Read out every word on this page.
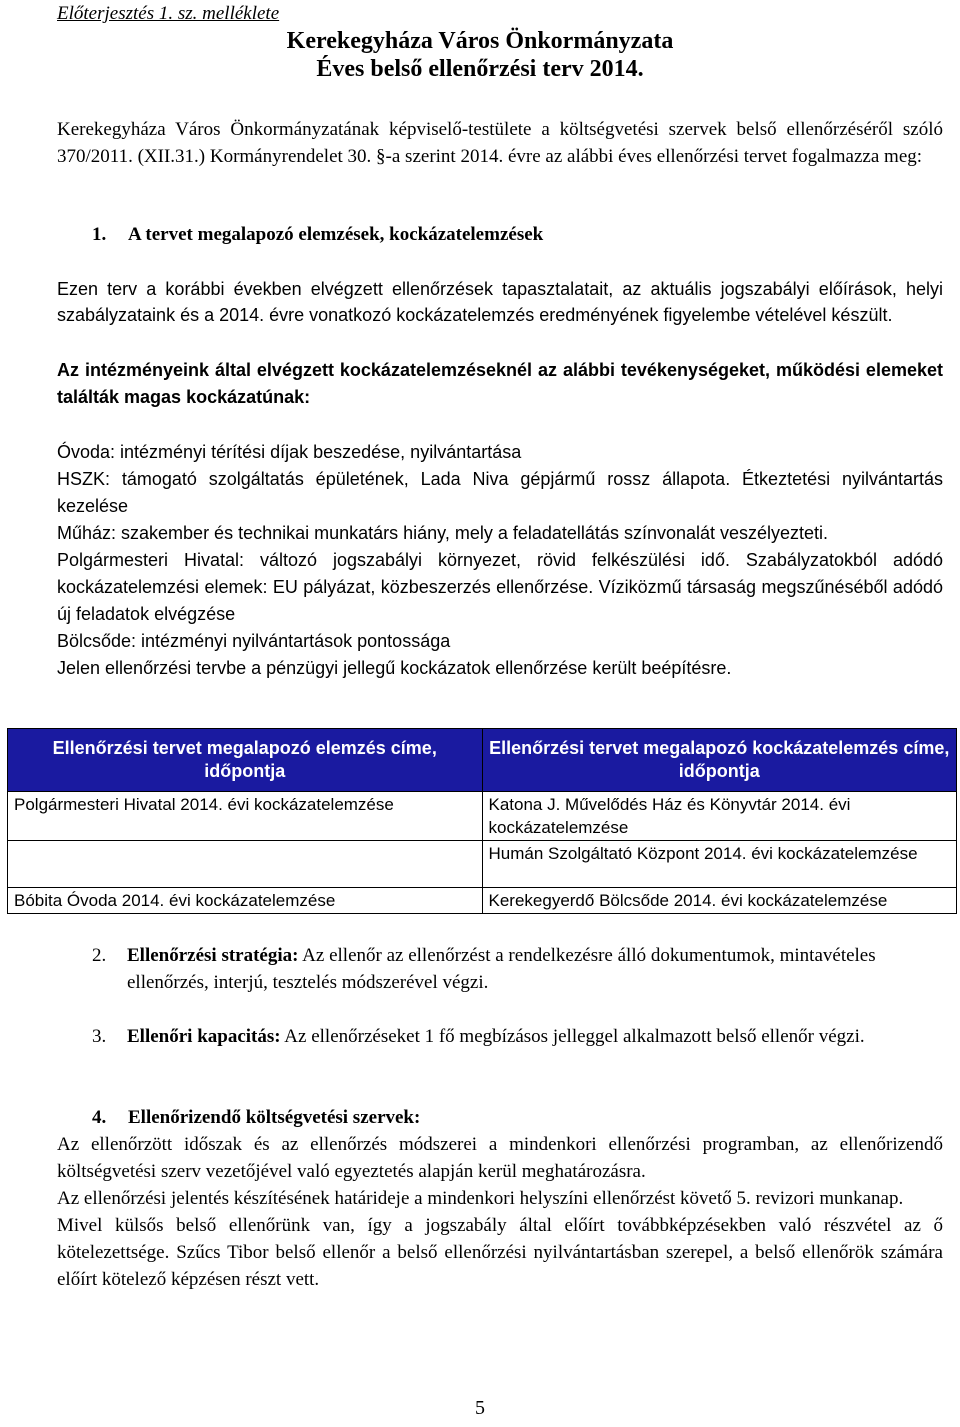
Előterjesztés 1. sz. melléklete
Kerekegyháza Város Önkormányzata
Éves belső ellenőrzési terv 2014.

Kerekegyháza Város Önkormányzatának képviselő-testülete a költségvetési szervek belső ellenőrzéséről szóló 370/2011. (XII.31.) Kormányrendelet 30. §-a szerint 2014. évre az alábbi éves ellenőrzési tervet fogalmazza meg:

1. A tervet megalapozó elemzések, kockázatelemzések

Ezen terv a korábbi években elvégzett ellenőrzések tapasztalatait, az aktuális jogszabályi előírások, helyi szabályzataink és a 2014. évre vonatkozó kockázatelemzés eredményének figyelembe vételével készült.

Az intézményeink által elvégzett kockázatelemzéseknél az alábbi tevékenységeket, működési elemeket találták magas kockázatúnak:

Óvoda: intézményi térítési díjak beszedése, nyilvántartása

HSZK: támogató szolgáltatás épületének, Lada Niva gépjármű rossz állapota. Étkeztetési nyilvántartás kezelése

Műház: szakember és technikai munkatárs hiány, mely a feladatellátás színvonalát veszélyezteti.

Polgármesteri Hivatal: változó jogszabályi környezet, rövid felkészülési idő. Szabályzatokból adódó kockázatelemzési elemek: EU pályázat, közbeszerzés ellenőrzése. Víziközmű társaság megszűnéséből adódó új feladatok elvégzése

Bölcsőde: intézményi nyilvántartások pontossága

Jelen ellenőrzési tervbe a pénzügyi jellegű kockázatok ellenőrzése került beépítésre.

Ellenőrzési tervet megalapozó elemzés címe, időpontja	Ellenőrzési tervet megalapozó kockázatelemzés címe, időpontja
Polgármesteri Hivatal 2014. évi kockázatelemzése	Katona J. Művelődés Ház és Könyvtár 2014. évi kockázatelemzése
	Humán Szolgáltató Központ 2014. évi kockázatelemzése
Bóbita Óvoda 2014. évi kockázatelemzése	Kerekegyerdő Bölcsőde 2014. évi kockázatelemzése
2. Ellenőrzési stratégia: Az ellenőr az ellenőrzést a rendelkezésre álló dokumentumok, mintavételes ellenőrzés, interjú, tesztelés módszerével végzi.
3. Ellenőri kapacitás: Az ellenőrzéseket 1 fő megbízásos jelleggel alkalmazott belső ellenőr végzi.
4. Ellenőrizendő költségvetési szervek:

Az ellenőrzött időszak és az ellenőrzés módszerei a mindenkori ellenőrzési programban, az ellenőrizendő költségvetési szerv vezetőjével való egyeztetés alapján kerül meghatározásra.

Az ellenőrzési jelentés készítésének határideje a mindenkori helyszíni ellenőrzést követő 5. revizori munkanap.

Mivel külsős belső ellenőrünk van, így a jogszabály által előírt továbbképzésekben való részvétel az ő kötelezettsége. Szűcs Tibor belső ellenőr a belső ellenőrzési nyilvántartásban szerepel, a belső ellenőrök számára előírt kötelező képzésen részt vett.

5
